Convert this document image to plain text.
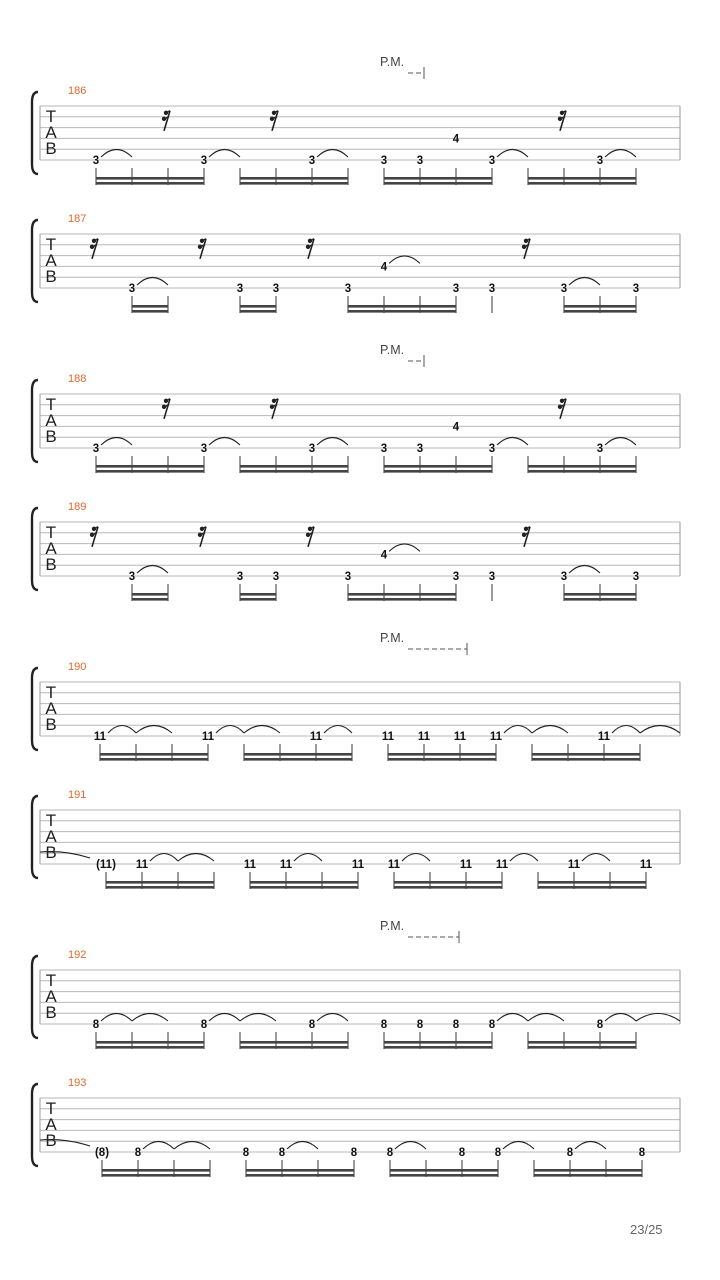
T
A
B
186
P.M.
3	3	3	3	3
4
3	3
T
A
B
187
3	3	3	3
4
3	3	3	3
T
A
B
188
P.M.
3	3	3	3	3
4
3	3
T
A
B
189
3	3	3	3
4
3	3	3	3
T
A
B
190
P.M.
11	11	11	11 11 11 11	11
T
A
B
191
(11) 11	11 11	11 11	11 11	11	11
T
A
B
192
P.M.
8	8	8	8	8	8	8	8
T
A
B
193
(8) 8	8	8	8	8	8	8	8	8
23/25
